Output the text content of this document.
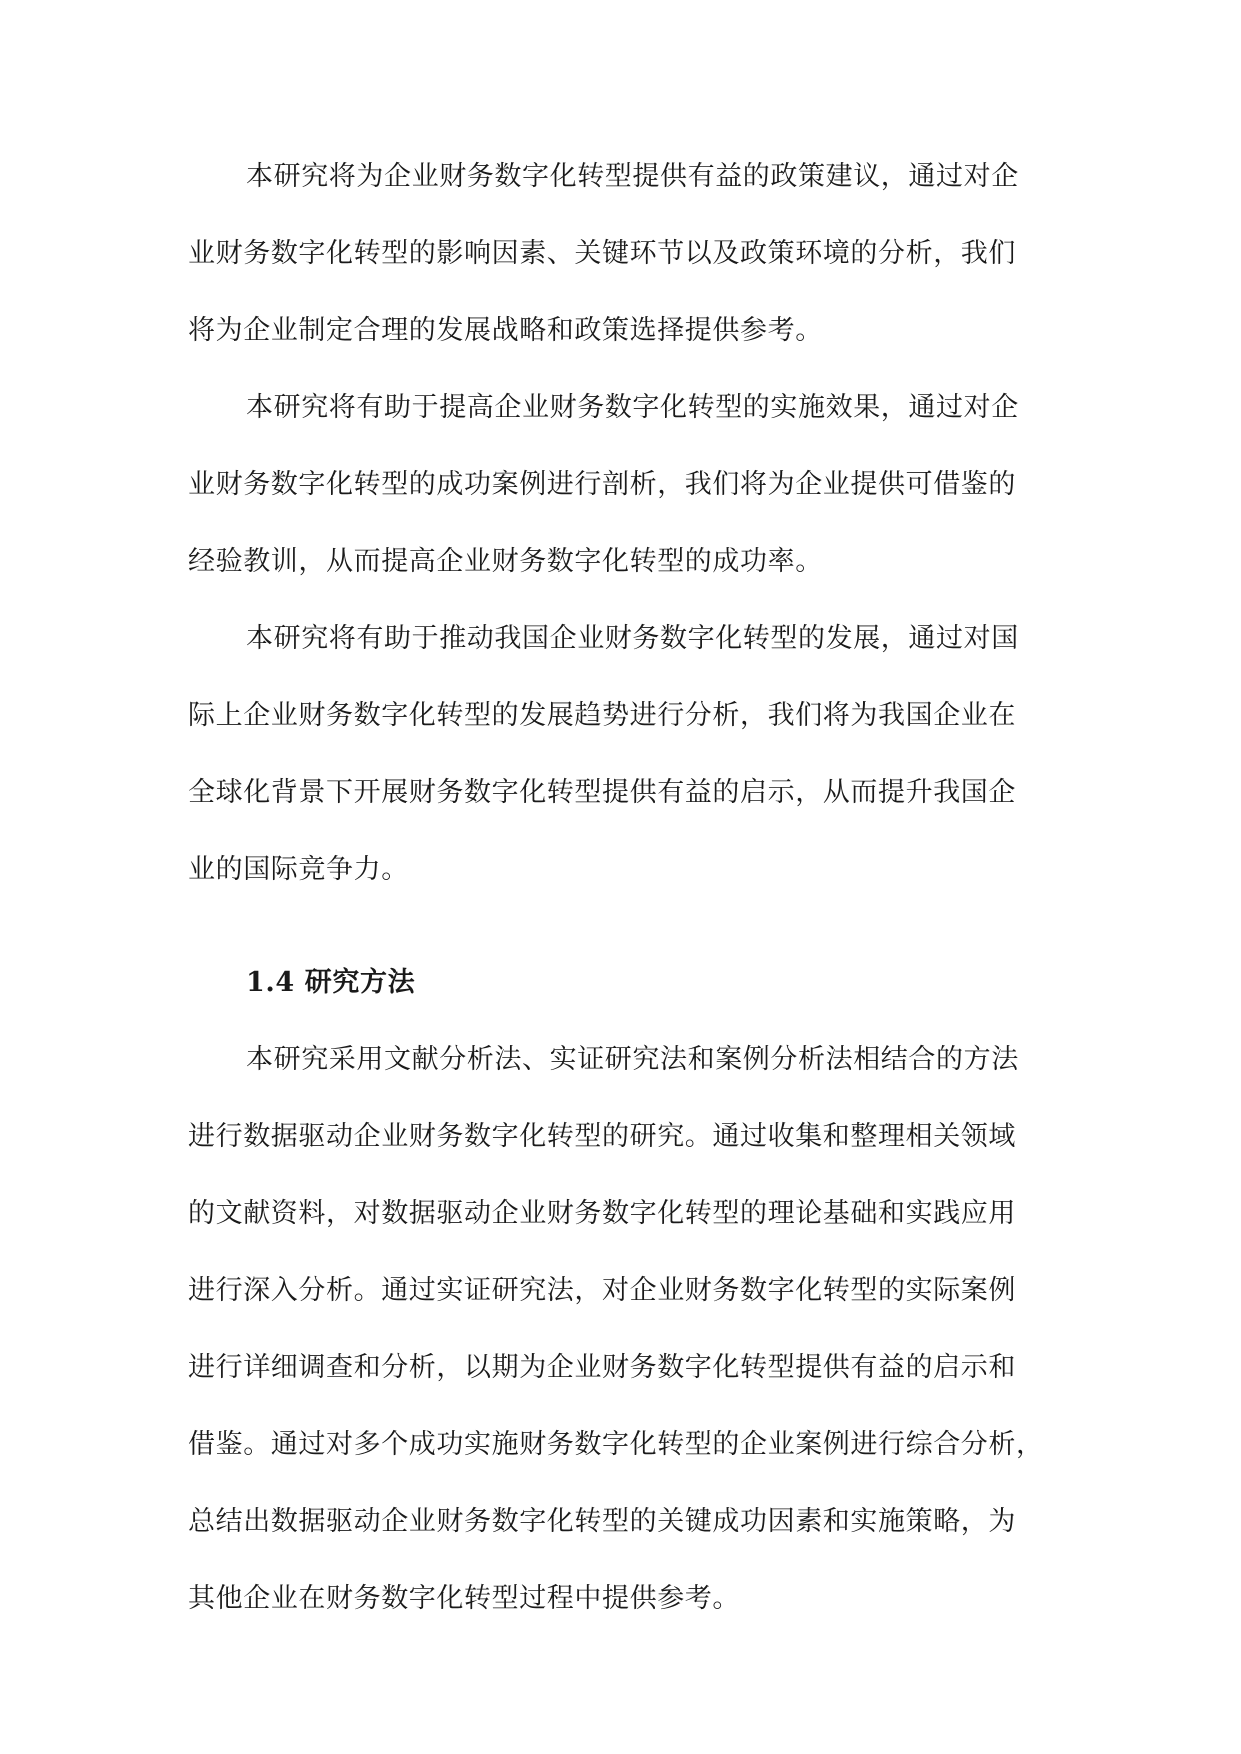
本研究将为企业财务数字化转型提供有益的政策建议，通过对企
业财务数字化转型的影响因素、关键环节以及政策环境的分析，我们
将为企业制定合理的发展战略和政策选择提供参考。
本研究将有助于提高企业财务数字化转型的实施效果，通过对企
业财务数字化转型的成功案例进行剖析，我们将为企业提供可借鉴的
经验教训，从而提高企业财务数字化转型的成功率。
本研究将有助于推动我国企业财务数字化转型的发展，通过对国
际上企业财务数字化转型的发展趋势进行分析，我们将为我国企业在
全球化背景下开展财务数字化转型提供有益的启示，从而提升我国企
业的国际竞争力。
1.4 研究方法
本研究采用文献分析法、实证研究法和案例分析法相结合的方法
进行数据驱动企业财务数字化转型的研究。通过收集和整理相关领域
的文献资料，对数据驱动企业财务数字化转型的理论基础和实践应用
进行深入分析。通过实证研究法，对企业财务数字化转型的实际案例
进行详细调查和分析，以期为企业财务数字化转型提供有益的启示和
借鉴。通过对多个成功实施财务数字化转型的企业案例进行综合分析，
总结出数据驱动企业财务数字化转型的关键成功因素和实施策略，为
其他企业在财务数字化转型过程中提供参考。
